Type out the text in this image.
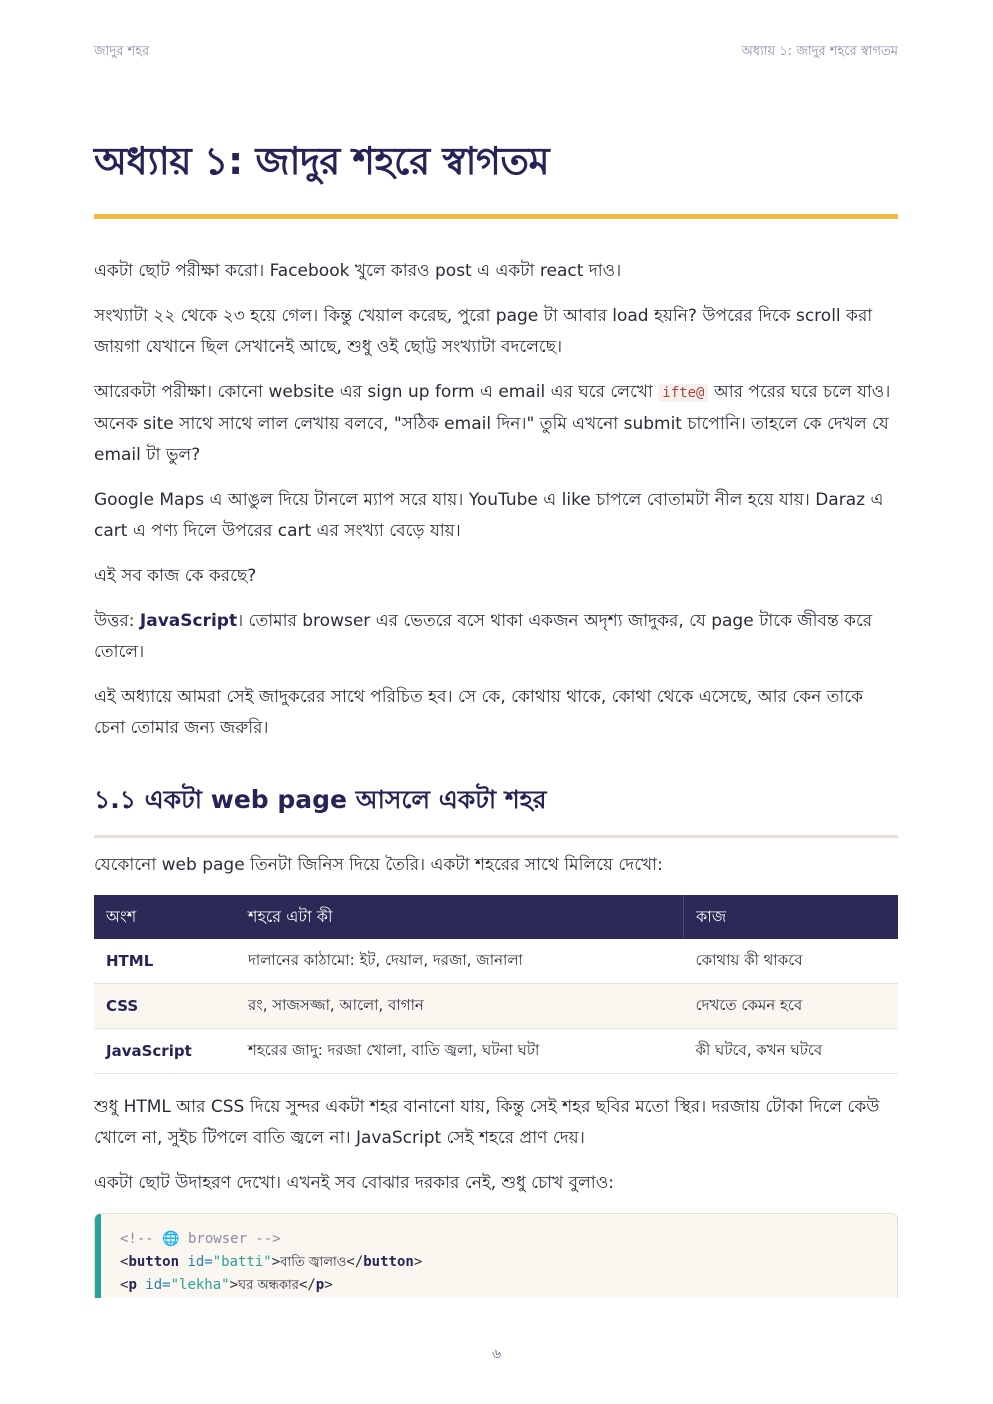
জাদুর শহর	অধ্যায় ১: জাদুর শহরে স্বাগতম
অধ্যায় ১: জাদুর শহরে স্বাগতম

একটা ছোট পরীক্ষা করো। Facebook খুলে কারও post এ একটা react দাও।

সংখ্যাটা ২২ থেকে ২৩ হয়ে গেল। কিন্তু খেয়াল করেছ, পুরো page টা আবার load হয়নি? উপরের দিকে scroll করা জায়গা যেখানে ছিল সেখানেই আছে, শুধু ওই ছোট্ট সংখ্যাটা বদলেছে।

আরেকটা পরীক্ষা। কোনো website এর sign up form এ email এর ঘরে লেখো ifte@ আর পরের ঘরে চলে যাও। অনেক site সাথে সাথে লাল লেখায় বলবে, "সঠিক email দিন।" তুমি এখনো submit চাপোনি। তাহলে কে দেখল যে email টা ভুল?

Google Maps এ আঙুল দিয়ে টানলে ম্যাপ সরে যায়। YouTube এ like চাপলে বোতামটা নীল হয়ে যায়। Daraz এ cart এ পণ্য দিলে উপরের cart এর সংখ্যা বেড়ে যায়।

এই সব কাজ কে করছে?

উত্তর: JavaScript। তোমার browser এর ভেতরে বসে থাকা একজন অদৃশ্য জাদুকর, যে page টাকে জীবন্ত করে তোলে।

এই অধ্যায়ে আমরা সেই জাদুকরের সাথে পরিচিত হব। সে কে, কোথায় থাকে, কোথা থেকে এসেছে, আর কেন তাকে চেনা তোমার জন্য জরুরি।

১.১ একটা web page আসলে একটা শহর

যেকোনো web page তিনটা জিনিস দিয়ে তৈরি। একটা শহরের সাথে মিলিয়ে দেখো:

অংশ	শহরে এটা কী	কাজ
HTML	দালানের কাঠামো: ইট, দেয়াল, দরজা, জানালা	কোথায় কী থাকবে
CSS	রং, সাজসজ্জা, আলো, বাগান	দেখতে কেমন হবে
JavaScript	শহরের জাদু: দরজা খোলা, বাতি জ্বলা, ঘটনা ঘটা	কী ঘটবে, কখন ঘটবে

শুধু HTML আর CSS দিয়ে সুন্দর একটা শহর বানানো যায়, কিন্তু সেই শহর ছবির মতো স্থির। দরজায় টোকা দিলে কেউ খোলে না, সুইচ টিপলে বাতি জ্বলে না। JavaScript সেই শহরে প্রাণ দেয়।

একটা ছোট উদাহরণ দেখো। এখনই সব বোঝার দরকার নেই, শুধু চোখ বুলাও:

<!-- 🌐 browser -->
<button id="batti">বাতি জ্বালাও</button>
<p id="lekha">ঘর অন্ধকার</p>
৬
